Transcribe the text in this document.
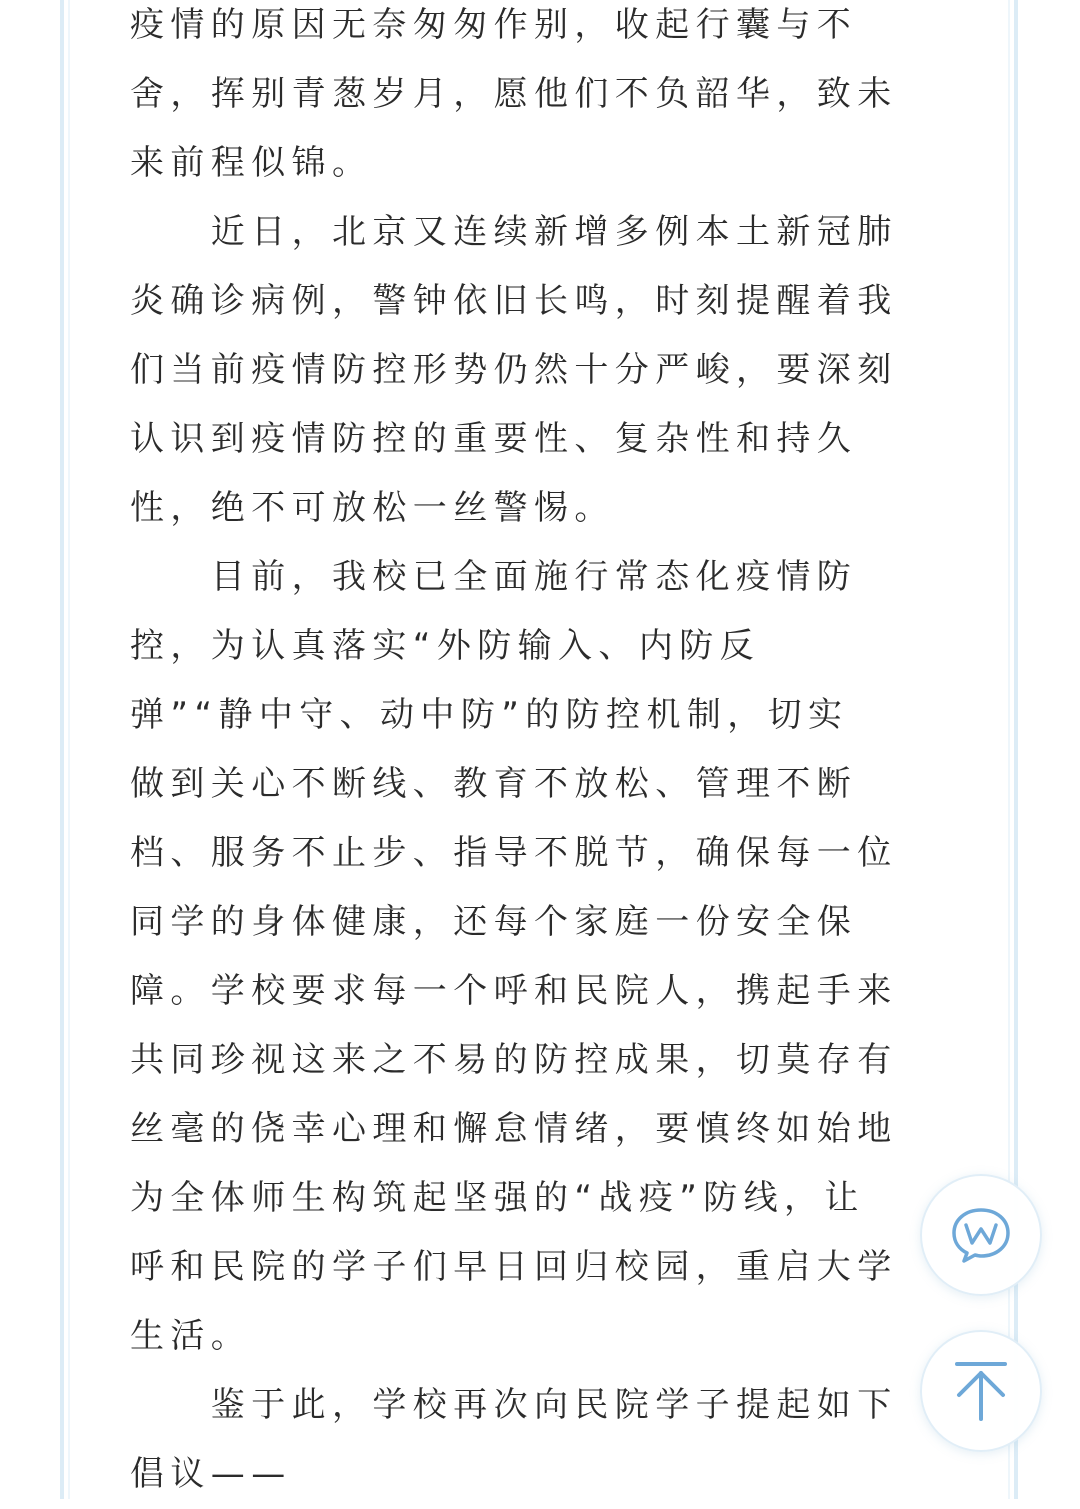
疫情的原因无奈匆匆作别，收起行囊与不
舍，挥别青葱岁月，愿他们不负韶华，致未
来前程似锦。

　　近日，北京又连续新增多例本土新冠肺
炎确诊病例，警钟依旧长鸣，时刻提醒着我
们当前疫情防控形势仍然十分严峻，要深刻
认识到疫情防控的重要性、复杂性和持久
性，绝不可放松一丝警惕。

　　目前，我校已全面施行常态化疫情防
控，为认真落实“外防输入、内防反
弹”“静中守、动中防”的防控机制，切实
做到关心不断线、教育不放松、管理不断
档、服务不止步、指导不脱节，确保每一位
同学的身体健康，还每个家庭一份安全保
障。学校要求每一个呼和民院人，携起手来
共同珍视这来之不易的防控成果，切莫存有
丝毫的侥幸心理和懈怠情绪，要慎终如始地
为全体师生构筑起坚强的“战疫”防线，让
呼和民院的学子们早日回归校园，重启大学
生活。

　　鉴于此，学校再次向民院学子提起如下
倡议——
